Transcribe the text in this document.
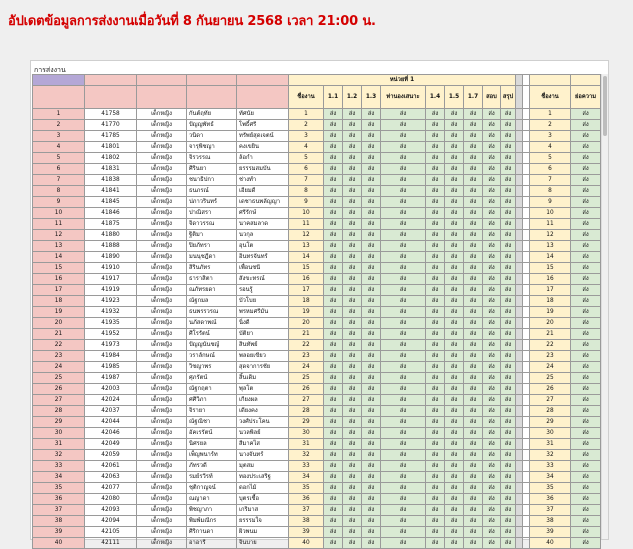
อัปเดตข้อมูลการส่งงานเมื่อวันที่ 8 กันยายน 2568 เวลา 21:00 น.
การส่งงาน
					หน่วยที่ 1													
					ชื่องาน	1.1	1.2	1.3	ท่านองเสนาะ	1.4	1.5	1.7	สอบ	สรุป			ชื่องาน	ย่อความ
1	41758	เด็กหญิง	กันต์ฤทัย	ทัศนัย	1	ส่ง	ส่ง	ส่ง	ส่ง	ส่ง	ส่ง	ส่ง	ส่ง	ส่ง			1	ส่ง
2	41770	เด็กหญิง	ปัญญพัทธ์	โพธิ์ศรี	2	ส่ง	ส่ง	ส่ง	ส่ง	ส่ง	ส่ง	ส่ง	ส่ง	ส่ง			2	ส่ง
3	41785	เด็กหญิง	วนิดา	ทรัพย์สุดเจตน์	3	ส่ง	ส่ง	ส่ง	ส่ง	ส่ง	ส่ง	ส่ง	ส่ง	ส่ง			3	ส่ง
4	41801	เด็กหญิง	จารุพิชญา	คงเขยิน	4	ส่ง	ส่ง	ส่ง	ส่ง	ส่ง	ส่ง	ส่ง	ส่ง	ส่ง			4	ส่ง
5	41802	เด็กหญิง	จิรวรรณ	ล้อกำ	5	ส่ง	ส่ง	ส่ง	ส่ง	ส่ง	ส่ง	ส่ง	ส่ง	ส่ง			5	ส่ง
6	41831	เด็กหญิง	ศิรินยา	ยรรรมสมบัน	6	ส่ง	ส่ง	ส่ง	ส่ง	ส่ง	ส่ง	ส่ง	ส่ง	ส่ง			6	ส่ง
7	41838	เด็กหญิง	ชนาธิปกา	ช่างทำ	7	ส่ง	ส่ง	ส่ง	ส่ง	ส่ง	ส่ง	ส่ง	ส่ง	ส่ง			7	ส่ง
8	41841	เด็กหญิง	ธนภรณ์	เอียมดี	8	ส่ง	ส่ง	ส่ง	ส่ง	ส่ง	ส่ง	ส่ง	ส่ง	ส่ง			8	ส่ง
9	41845	เด็กหญิง	ปภาวรินทร์	เดชาธนพลัญญา	9	ส่ง	ส่ง	ส่ง	ส่ง	ส่ง	ส่ง	ส่ง	ส่ง	ส่ง			9	ส่ง
10	41846	เด็กหญิง	ปาณิสรา	ศรีรักษ์	10	ส่ง	ส่ง	ส่ง	ส่ง	ส่ง	ส่ง	ส่ง	ส่ง	ส่ง			10	ส่ง
11	41875	เด็กหญิง	จิดาวรรณ	นาคสมลาด	11	ส่ง	ส่ง	ส่ง	ส่ง	ส่ง	ส่ง	ส่ง	ส่ง	ส่ง			11	ส่ง
12	41880	เด็กหญิง	ฐิติมา	นวกุล	12	ส่ง	ส่ง	ส่ง	ส่ง	ส่ง	ส่ง	ส่ง	ส่ง	ส่ง			12	ส่ง
13	41888	เด็กหญิง	ปิยภัทรา	อุนโต	13	ส่ง	ส่ง	ส่ง	ส่ง	ส่ง	ส่ง	ส่ง	ส่ง	ส่ง			13	ส่ง
14	41890	เด็กหญิง	มนนุชฎีดา	อินทรจันทร์	14	ส่ง	ส่ง	ส่ง	ส่ง	ส่ง	ส่ง	ส่ง	ส่ง	ส่ง			14	ส่ง
15	41910	เด็กหญิง	สิรินภัทร	เพื่อนชนี	15	ส่ง	ส่ง	ส่ง	ส่ง	ส่ง	ส่ง	ส่ง	ส่ง	ส่ง			15	ส่ง
16	41917	เด็กหญิง	ธาราสิตา	สังขะทรณ์	16	ส่ง	ส่ง	ส่ง	ส่ง	ส่ง	ส่ง	ส่ง	ส่ง	ส่ง			16	ส่ง
17	41919	เด็กหญิง	ณภัทรยดา	รอนรู้	17	ส่ง	ส่ง	ส่ง	ส่ง	ส่ง	ส่ง	ส่ง	ส่ง	ส่ง			17	ส่ง
18	41923	เด็กหญิง	ณัฐกมล	บัวโบย	18	ส่ง	ส่ง	ส่ง	ส่ง	ส่ง	ส่ง	ส่ง	ส่ง	ส่ง			18	ส่ง
19	41932	เด็กหญิง	ธนพรรวรณ	พรหมศรีมัน	19	ส่ง	ส่ง	ส่ง	ส่ง	ส่ง	ส่ง	ส่ง	ส่ง	ส่ง			19	ส่ง
20	41935	เด็กหญิง	นภัสดาพณ์	นิ่งดี	20	ส่ง	ส่ง	ส่ง	ส่ง	ส่ง	ส่ง	ส่ง	ส่ง	ส่ง			20	ส่ง
21	41952	เด็กหญิง	ศิโรรัตน์	บัติยา	21	ส่ง	ส่ง	ส่ง	ส่ง	ส่ง	ส่ง	ส่ง	ส่ง	ส่ง			21	ส่ง
22	41973	เด็กหญิง	ปัญญนันชญ์	สินทัพย์	22	ส่ง	ส่ง	ส่ง	ส่ง	ส่ง	ส่ง	ส่ง	ส่ง	ส่ง			22	ส่ง
23	41984	เด็กหญิง	วราลักษณ์	พลอยเขียว	23	ส่ง	ส่ง	ส่ง	ส่ง	ส่ง	ส่ง	ส่ง	ส่ง	ส่ง			23	ส่ง
24	41985	เด็กหญิง	วิชญาพร	สุดจาการชัย	24	ส่ง	ส่ง	ส่ง	ส่ง	ส่ง	ส่ง	ส่ง	ส่ง	ส่ง			24	ส่ง
25	41987	เด็กหญิง	ศุภรัตน์	สิ้นเดิม	25	ส่ง	ส่ง	ส่ง	ส่ง	ส่ง	ส่ง	ส่ง	ส่ง	ส่ง			25	ส่ง
26	42003	เด็กหญิง	ณัฐกฤตา	พุลโต	26	ส่ง	ส่ง	ส่ง	ส่ง	ส่ง	ส่ง	ส่ง	ส่ง	ส่ง			26	ส่ง
27	42024	เด็กหญิง	ศศิวิภา	เกียงผล	27	ส่ง	ส่ง	ส่ง	ส่ง	ส่ง	ส่ง	ส่ง	ส่ง	ส่ง			27	ส่ง
28	42037	เด็กหญิง	จิรายา	เดียงคง	28	ส่ง	ส่ง	ส่ง	ส่ง	ส่ง	ส่ง	ส่ง	ส่ง	ส่ง			28	ส่ง
29	42044	เด็กหญิง	ณัฐณิชา	วงศ์ประโคน	29	ส่ง	ส่ง	ส่ง	ส่ง	ส่ง	ส่ง	ส่ง	ส่ง	ส่ง			29	ส่ง
30	42046	เด็กหญิง	อัคเรรัตน์	นวลพิลย์	30	ส่ง	ส่ง	ส่ง	ส่ง	ส่ง	ส่ง	ส่ง	ส่ง	ส่ง			30	ส่ง
31	42049	เด็กหญิง	นิศรยล	สีมาคไส	31	ส่ง	ส่ง	ส่ง	ส่ง	ส่ง	ส่ง	ส่ง	ส่ง	ส่ง			31	ส่ง
32	42059	เด็กหญิง	เพ็ญพนาร์ท	นางจันทร์	32	ส่ง	ส่ง	ส่ง	ส่ง	ส่ง	ส่ง	ส่ง	ส่ง	ส่ง			32	ส่ง
33	42061	เด็กหญิง	ภัทรวดี	มุตสม	33	ส่ง	ส่ง	ส่ง	ส่ง	ส่ง	ส่ง	ส่ง	ส่ง	ส่ง			33	ส่ง
34	42063	เด็กหญิง	รมย์รวีรท์	ทองประเสริฐ	34	ส่ง	ส่ง	ส่ง	ส่ง	ส่ง	ส่ง	ส่ง	ส่ง	ส่ง			34	ส่ง
35	42077	เด็กหญิง	ชุติกาญจน์	ดอกไม้	35	ส่ง	ส่ง	ส่ง	ส่ง	ส่ง	ส่ง	ส่ง	ส่ง	ส่ง			35	ส่ง
36	42080	เด็กหญิง	ณญาดา	บุตรเชื้อ	36	ส่ง	ส่ง	ส่ง	ส่ง	ส่ง	ส่ง	ส่ง	ส่ง	ส่ง			36	ส่ง
37	42093	เด็กหญิง	พิชญาภา	เกริมาส	37	ส่ง	ส่ง	ส่ง	ส่ง	ส่ง	ส่ง	ส่ง	ส่ง	ส่ง			37	ส่ง
38	42094	เด็กหญิง	พิมพ์มณีกร	ยรรรมใจ	38	ส่ง	ส่ง	ส่ง	ส่ง	ส่ง	ส่ง	ส่ง	ส่ง	ส่ง			38	ส่ง
39	42105	เด็กหญิง	ศิริกานดา	ผิวพนม	39	ส่ง	ส่ง	ส่ง	ส่ง	ส่ง	ส่ง	ส่ง	ส่ง	ส่ง			39	ส่ง
40	42111	เด็กหญิง	อาอารี	จินบาย	40	ส่ง	ส่ง	ส่ง	ส่ง	ส่ง	ส่ง	ส่ง	ส่ง	ส่ง			40	ส่ง
